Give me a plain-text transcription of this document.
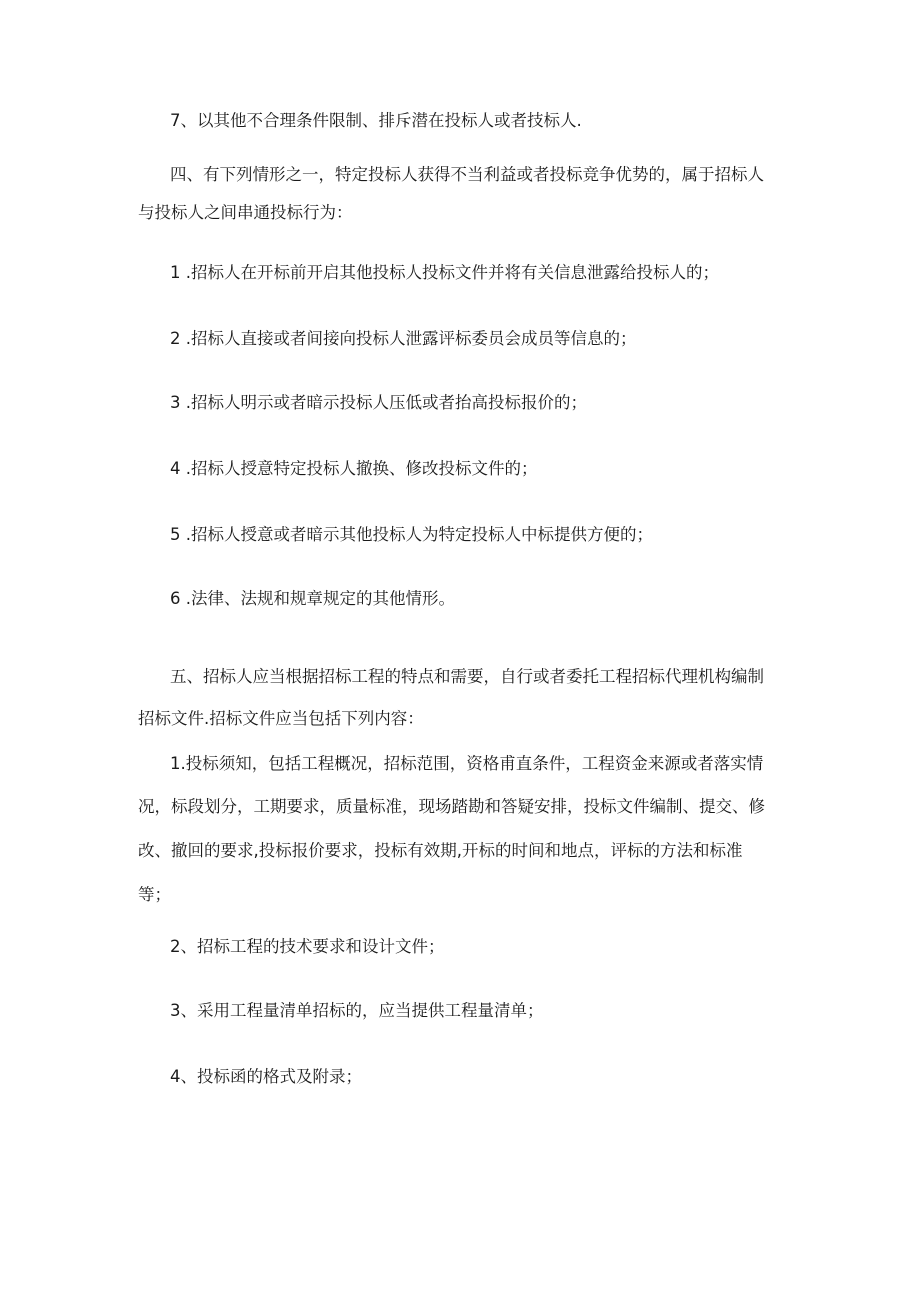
7、以其他不合理条件限制、排斥潜在投标人或者技标人.

四、有下列情形之一，特定投标人获得不当利益或者投标竞争优势的，属于招标人

与投标人之间串通投标行为：

1 .招标人在开标前开启其他投标人投标文件并将有关信息泄露给投标人的；

2 .招标人直接或者间接向投标人泄露评标委员会成员等信息的；

3 .招标人明示或者暗示投标人压低或者抬高投标报价的；

4 .招标人授意特定投标人撤换、修改投标文件的；

5 .招标人授意或者暗示其他投标人为特定投标人中标提供方便的；

6 .法律、法规和规章规定的其他情形。

五、招标人应当根据招标工程的特点和需要，自行或者委托工程招标代理机构编制

招标文件.招标文件应当包括下列内容：

1.投标须知，包括工程概况，招标范围，资格甫直条件，工程资金来源或者落实情

况，标段划分，工期要求，质量标准，现场踏勘和答疑安排，投标文件编制、提交、修

改、撤回的要求,投标报价要求，投标有效期,开标的时间和地点，评标的方法和标准

等；

2、招标工程的技术要求和设计文件；

3、采用工程量清单招标的，应当提供工程量清单；

4、投标函的格式及附录；
